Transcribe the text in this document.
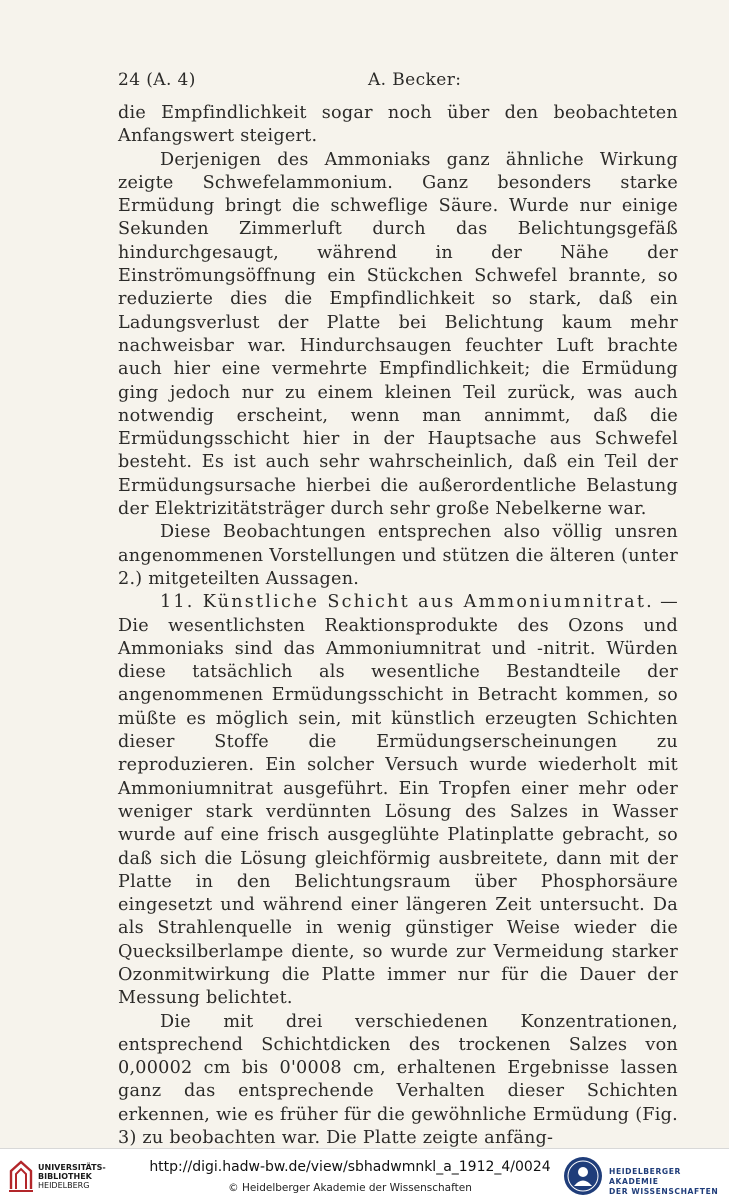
24 (A. 4)	A. Becker:

die Empfindlichkeit sogar noch über den beobachteten Anfangswert steigert.

Derjenigen des Ammoniaks ganz ähnliche Wirkung zeigte Schwefelammonium. Ganz besonders starke Ermüdung bringt die schweflige Säure. Wurde nur einige Sekunden Zimmerluft durch das Belichtungsgefäß hindurchgesaugt, während in der Nähe der Einströmungsöffnung ein Stückchen Schwefel brannte, so reduzierte dies die Empfindlichkeit so stark, daß ein Ladungsverlust der Platte bei Belichtung kaum mehr nachweisbar war. Hindurchsaugen feuchter Luft brachte auch hier eine vermehrte Empfindlichkeit; die Ermüdung ging jedoch nur zu einem kleinen Teil zurück, was auch notwendig erscheint, wenn man annimmt, daß die Ermüdungsschicht hier in der Hauptsache aus Schwefel besteht. Es ist auch sehr wahrscheinlich, daß ein Teil der Ermüdungsursache hierbei die außerordentliche Belastung der Elektrizitätsträger durch sehr große Nebelkerne war.

Diese Beobachtungen entsprechen also völlig unsren angenommenen Vorstellungen und stützen die älteren (unter 2.) mitgeteilten Aussagen.

11. Künstliche Schicht aus Ammoniumnitrat. — Die wesentlichsten Reaktionsprodukte des Ozons und Ammoniaks sind das Ammoniumnitrat und -nitrit. Würden diese tatsächlich als wesentliche Bestandteile der angenommenen Ermüdungsschicht in Betracht kommen, so müßte es möglich sein, mit künstlich erzeugten Schichten dieser Stoffe die Ermüdungserscheinungen zu reproduzieren. Ein solcher Versuch wurde wiederholt mit Ammoniumnitrat ausgeführt. Ein Tropfen einer mehr oder weniger stark verdünnten Lösung des Salzes in Wasser wurde auf eine frisch ausgeglühte Platinplatte gebracht, so daß sich die Lösung gleichförmig ausbreitete, dann mit der Platte in den Belichtungsraum über Phosphorsäure eingesetzt und während einer längeren Zeit untersucht. Da als Strahlenquelle in wenig günstiger Weise wieder die Quecksilberlampe diente, so wurde zur Vermeidung starker Ozonmitwirkung die Platte immer nur für die Dauer der Messung belichtet.

Die mit drei verschiedenen Konzentrationen, entsprechend Schichtdicken des trockenen Salzes von 0,00002 cm bis 0'0008 cm, erhaltenen Ergebnisse lassen ganz das entsprechende Verhalten dieser Schichten erkennen, wie es früher für die gewöhnliche Ermüdung (Fig. 3) zu beobachten war. Die Platte zeigte anfäng-

UNIVERSITÄTS-
BIBLIOTHEK
HEIDELBERG
http://digi.hadw-bw.de/view/sbhadwmnkl_a_1912_4/0024
© Heidelberger Akademie der Wissenschaften
HEIDELBERGER AKADEMIE
DER WISSENSCHAFTEN
